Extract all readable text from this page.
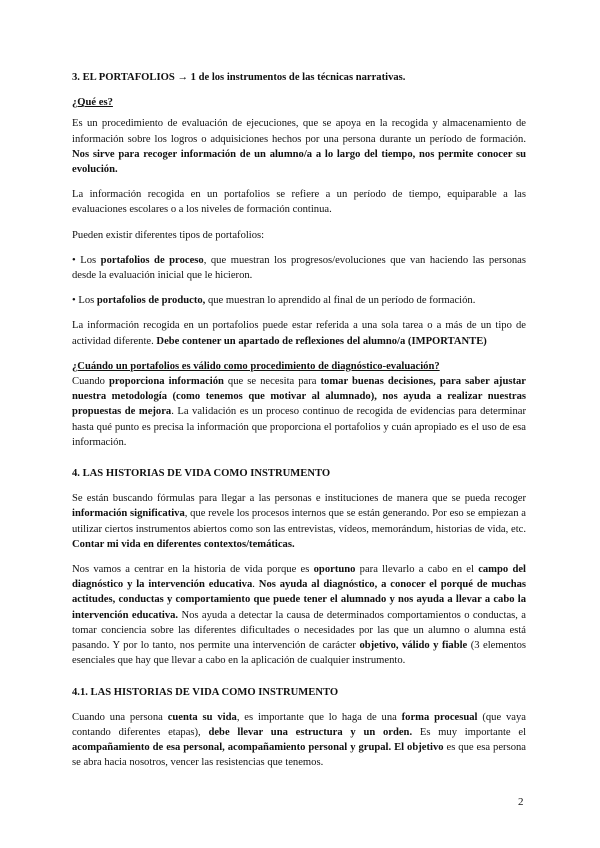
3. EL PORTAFOLIOS → 1 de los instrumentos de las técnicas narrativas.

¿Qué es?

Es un procedimiento de evaluación de ejecuciones, que se apoya en la recogida y almacenamiento de información sobre los logros o adquisiciones hechos por una persona durante un período de formación. Nos sirve para recoger información de un alumno/a a lo largo del tiempo, nos permite conocer su evolución.

La información recogida en un portafolios se refiere a un período de tiempo, equiparable a las evaluaciones escolares o a los niveles de formación continua.

Pueden existir diferentes tipos de portafolios:

• Los portafolios de proceso, que muestran los progresos/evoluciones que van haciendo las personas desde la evaluación inicial que le hicieron.

• Los portafolios de producto, que muestran lo aprendido al final de un período de formación.

La información recogida en un portafolios puede estar referida a una sola tarea o a más de un tipo de actividad diferente. Debe contener un apartado de reflexiones del alumno/a (IMPORTANTE)

¿Cuándo un portafolios es válido como procedimiento de diagnóstico-evaluación?

Cuando proporciona información que se necesita para tomar buenas decisiones, para saber ajustar nuestra metodología (como tenemos que motivar al alumnado), nos ayuda a realizar nuestras propuestas de mejora. La validación es un proceso continuo de recogida de evidencias para determinar hasta qué punto es precisa la información que proporciona el portafolios y cuán apropiado es el uso de esa información.

4. LAS HISTORIAS DE VIDA COMO INSTRUMENTO

Se están buscando fórmulas para llegar a las personas e instituciones de manera que se pueda recoger información significativa, que revele los procesos internos que se están generando. Por eso se empiezan a utilizar ciertos instrumentos abiertos como son las entrevistas, vídeos, memorándum, historias de vida, etc. Contar mi vida en diferentes contextos/temáticas.

Nos vamos a centrar en la historia de vida porque es oportuno para llevarlo a cabo en el campo del diagnóstico y la intervención educativa. Nos ayuda al diagnóstico, a conocer el porqué de muchas actitudes, conductas y comportamiento que puede tener el alumnado y nos ayuda a llevar a cabo la intervención educativa. Nos ayuda a detectar la causa de determinados comportamientos o conductas, a tomar conciencia sobre las diferentes dificultades o necesidades por las que un alumno o alumna está pasando. Y por lo tanto, nos permite una intervención de carácter objetivo, válido y fiable (3 elementos esenciales que hay que llevar a cabo en la aplicación de cualquier instrumento.

4.1. LAS HISTORIAS DE VIDA COMO INSTRUMENTO

Cuando una persona cuenta su vida, es importante que lo haga de una forma procesual (que vaya contando diferentes etapas), debe llevar una estructura y un orden. Es muy importante el acompañamiento de esa personal, acompañamiento personal y grupal. El objetivo es que esa persona se abra hacia nosotros, vencer las resistencias que tenemos.

2
